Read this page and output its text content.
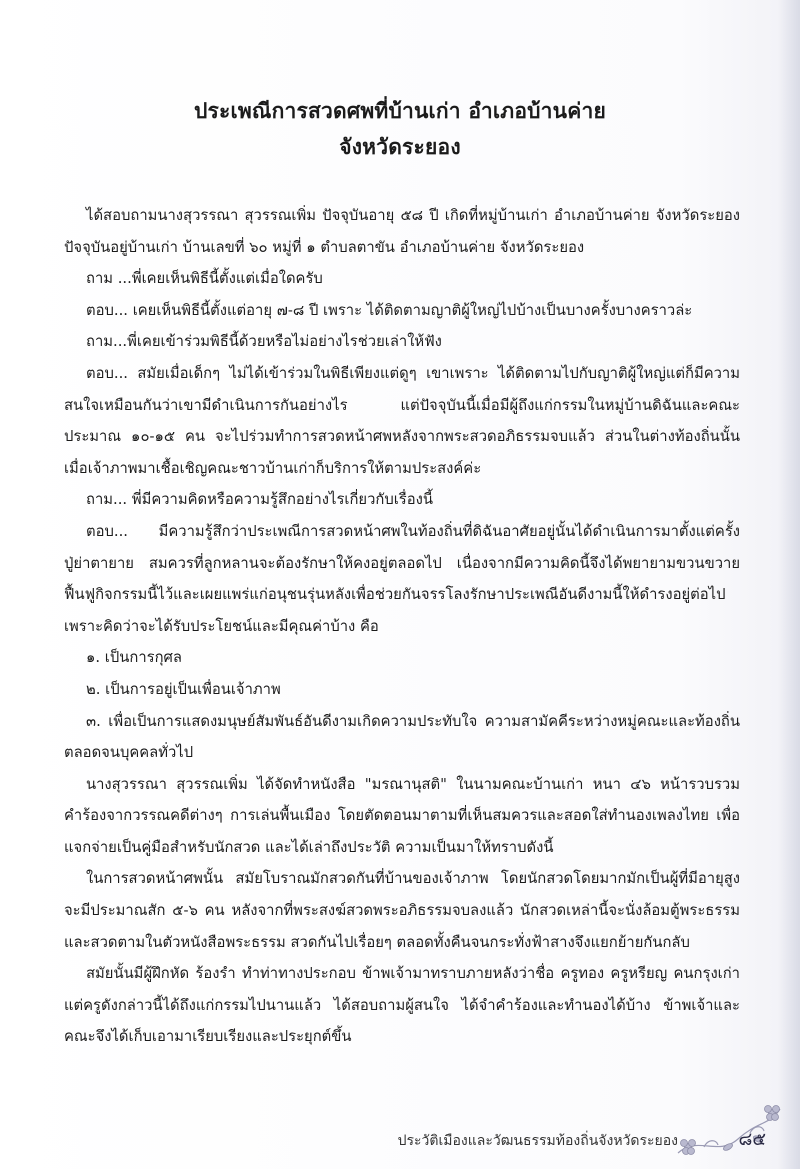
ประเพณีการสวดศพที่บ้านเก่า อำเภอบ้านค่าย
จังหวัดระยอง

ได้สอบถามนางสุวรรณา สุวรรณเพิ่ม ปัจจุบันอายุ ๕๘ ปี เกิดที่หมู่บ้านเก่า อำเภอบ้านค่าย จังหวัดระยอง ปัจจุบันอยู่บ้านเก่า บ้านเลขที่ ๖๐ หมู่ที่ ๑ ตำบลตาขัน อำเภอบ้านค่าย จังหวัดระยอง

ถาม ...พี่เคยเห็นพิธีนี้ตั้งแต่เมื่อใดครับ

ตอบ... เคยเห็นพิธีนี้ตั้งแต่อายุ ๗-๘ ปี เพราะ ได้ติดตามญาติผู้ใหญ่ไปบ้างเป็นบางครั้งบางคราวล่ะ

ถาม...พี่เคยเข้าร่วมพิธีนี้ด้วยหรือไม่อย่างไรช่วยเล่าให้ฟัง

ตอบ... สมัยเมื่อเด็กๆ ไม่ได้เข้าร่วมในพิธีเพียงแต่ดูๆ เขาเพราะ ได้ติดตามไปกับญาติผู้ใหญ่แต่ก็มีความสนใจเหมือนกันว่าเขามีดำเนินการกันอย่างไร แต่ปัจจุบันนี้เมื่อมีผู้ถึงแก่กรรมในหมู่บ้านดิฉันและคณะประมาณ ๑๐-๑๕ คน จะไปร่วมทำการสวดหน้าศพหลังจากพระสวดอภิธรรมจบแล้ว ส่วนในต่างท้องถิ่นนั้นเมื่อเจ้าภาพมาเชื้อเชิญคณะชาวบ้านเก่าก็บริการให้ตามประสงค์ค่ะ

ถาม... พี่มีความคิดหรือความรู้สึกอย่างไรเกี่ยวกับเรื่องนี้

ตอบ... มีความรู้สึกว่าประเพณีการสวดหน้าศพในท้องถิ่นที่ดิฉันอาศัยอยู่นั้นได้ดำเนินการมาตั้งแต่ครั้งปู่ย่าตายาย สมควรที่ลูกหลานจะต้องรักษาให้คงอยู่ตลอดไป เนื่องจากมีความคิดนี้จึงได้พยายามขวนขวายฟื้นฟูกิจกรรมนี้ไว้และเผยแพร่แก่อนุชนรุ่นหลังเพื่อช่วยกันจรรโลงรักษาประเพณีอันดีงามนี้ให้ดำรงอยู่ต่อไปเพราะคิดว่าจะได้รับประโยชน์และมีคุณค่าบ้าง คือ

๑. เป็นการกุศล

๒. เป็นการอยู่เป็นเพื่อนเจ้าภาพ

๓. เพื่อเป็นการแสดงมนุษย์สัมพันธ์อันดีงามเกิดความประทับใจ ความสามัคคีระหว่างหมู่คณะและท้องถิ่น ตลอดจนบุคคลทั่วไป

นางสุวรรณา สุวรรณเพิ่ม ได้จัดทำหนังสือ "มรณานุสติ" ในนามคณะบ้านเก่า หนา ๔๖ หน้ารวบรวมคำร้องจากวรรณคดีต่างๆ การเล่นพื้นเมือง โดยตัดตอนมาตามที่เห็นสมควรและสอดใส่ทำนองเพลงไทย เพื่อแจกจ่ายเป็นคู่มือสำหรับนักสวด และได้เล่าถึงประวัติ ความเป็นมาให้ทราบดังนี้

ในการสวดหน้าศพนั้น สมัยโบราณมักสวดกันที่บ้านของเจ้าภาพ โดยนักสวดโดยมากมักเป็นผู้ที่มีอายุสูง จะมีประมาณสัก ๕-๖ คน หลังจากที่พระสงฆ์สวดพระอภิธรรมจบลงแล้ว นักสวดเหล่านี้จะนั่งล้อมตู้พระธรรมและสวดตามในตัวหนังสือพระธรรม สวดกันไปเรื่อยๆ ตลอดทั้งคืนจนกระทั่งฟ้าสางจึงแยกย้ายกันกลับ

สมัยนั้นมีผู้ฝึกหัด ร้องรำ ทำท่าทางประกอบ ข้าพเจ้ามาทราบภายหลังว่าชื่อ ครูทอง ครูหรียญ คนกรุงเก่า แต่ครูดังกล่าวนี้ได้ถึงแก่กรรมไปนานแล้ว ได้สอบถามผู้สนใจ ได้จำคำร้องและทำนองได้บ้าง ข้าพเจ้าและคณะจึงได้เก็บเอามาเรียบเรียงและประยุกต์ขึ้น

ประวัติเมืองและวัฒนธรรมท้องถิ่นจังหวัดระยอง	๘๕
